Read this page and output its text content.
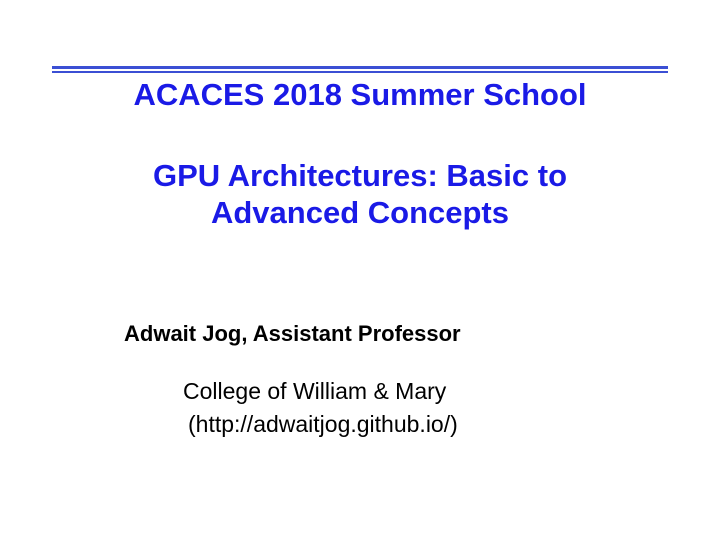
ACACES 2018 Summer School
GPU Architectures: Basic to
Advanced Concepts

Adwait Jog, Assistant Professor

College of William & Mary

(http://adwaitjog.github.io/)
